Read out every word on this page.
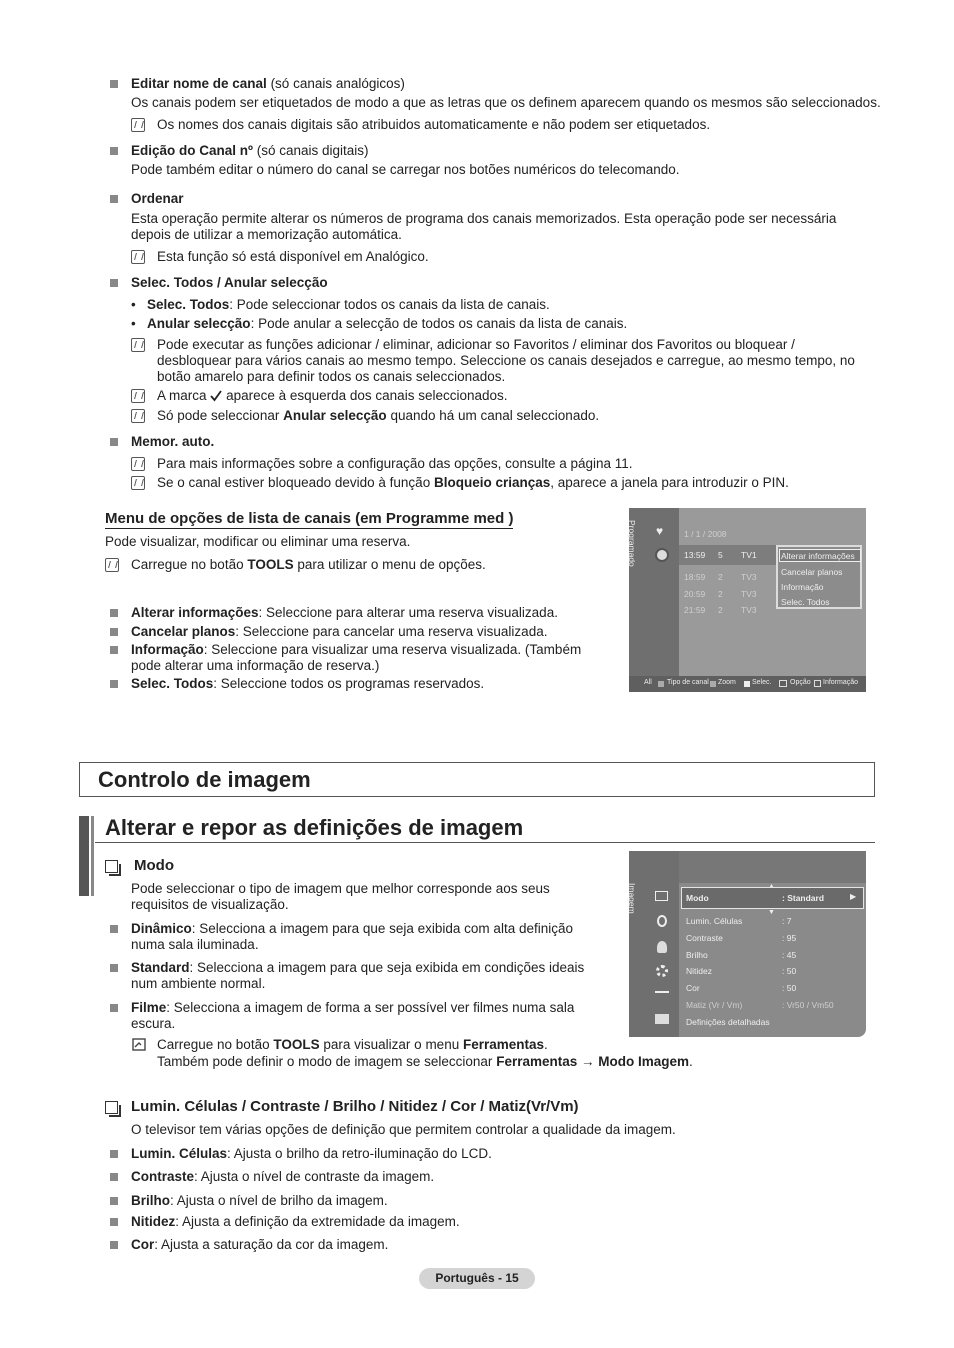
Editar nome de canal (só canais analógicos)
Os canais podem ser etiquetados de modo a que as letras que os definem aparecem quando os mesmos são seleccionados.
Os nomes dos canais digitais são atribuidos automaticamente e não podem ser etiquetados.
Edição do Canal nº (só canais digitais)
Pode também editar o número do canal se carregar nos botões numéricos do telecomando.
Ordenar
Esta operação permite alterar os números de programa dos canais memorizados. Esta operação pode ser necessária depois de utilizar a memorização automática.
Esta função só está disponível em Analógico.
Selec. Todos / Anular selecção
• Selec. Todos: Pode seleccionar todos os canais da lista de canais.
• Anular selecção: Pode anular a selecção de todos os canais da lista de canais.
Pode executar as funções adicionar / eliminar, adicionar so Favoritos / eliminar dos Favoritos ou bloquear / desbloquear para vários canais ao mesmo tempo. Seleccione os canais desejados e carregue, ao mesmo tempo, no botão amarelo para definir todos os canais seleccionados.
A marca aparece à esquerda dos canais seleccionados.
Só pode seleccionar Anular selecção quando há um canal seleccionado.
Memor. auto.
Para mais informações sobre a configuração das opções, consulte a página 11.
Se o canal estiver bloqueado devido à função Bloqueio crianças, aparece a janela para introduzir o PIN.
Menu de opções de lista de canais (em Programme med )
Pode visualizar, modificar ou eliminar uma reserva.
Carregue no botão TOOLS para utilizar o menu de opções.
Alterar informações: Seleccione para alterar uma reserva visualizada.
Cancelar planos: Seleccione para cancelar uma reserva visualizada.
Informação: Seleccione para visualizar uma reserva visualizada. (Também pode alterar uma informação de reserva.)
Selec. Todos: Seleccione todos os programas reservados.
Programado ♥	1 / 1 / 2008
13:59 5 TV1
18:59 2 TV3
20:59 2 TV3
21:59 2 TV3
Alterar informações
Cancelar planos
Informação
Selec. Todos
All Tipo de canal Zoom Selec.	Opção Informação
Controlo de imagem
Alterar e repor as definições de imagem
Modo
Pode seleccionar o tipo de imagem que melhor corresponde aos seus requisitos de visualização.
Dinâmico: Selecciona a imagem para que seja exibida com alta definição numa sala iluminada.
Standard: Selecciona a imagem para que seja exibida em condições ideais num ambiente normal.
Filme: Selecciona a imagem de forma a ser possível ver filmes numa sala escura.
Carregue no botão TOOLS para visualizar o menu Ferramentas.
Também pode definir o modo de imagem se seleccionar Ferramentas → Modo Imagem.
Imagem	Modo	: Standard	▶
▼
Lumin. Células	: 7
Contraste	: 95
Brilho	: 45
Nitidez	: 50
Cor	: 50
Matiz (Vr / Vm)	: Vr50 / Vm50
Definições detalhadas
Lumin. Células / Contraste / Brilho / Nitidez / Cor / Matiz(Vr/Vm)
O televisor tem várias opções de definição que permitem controlar a qualidade da imagem.
Lumin. Células: Ajusta o brilho da retro-iluminação do LCD.
Contraste: Ajusta o nível de contraste da imagem.
Brilho: Ajusta o nível de brilho da imagem.
Nitidez: Ajusta a definição da extremidade da imagem.
Cor: Ajusta a saturação da cor da imagem.
Português - 15
